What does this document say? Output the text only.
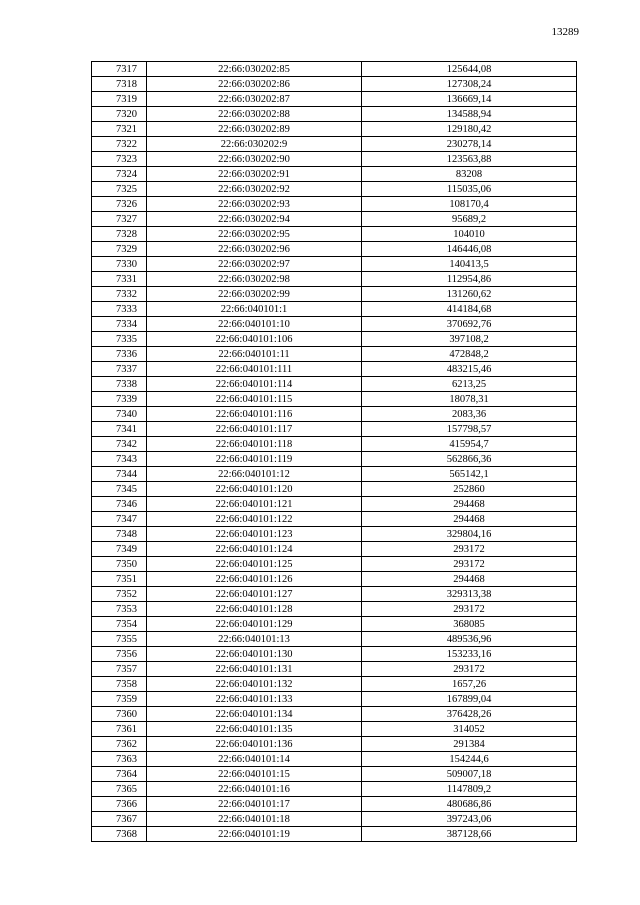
13289
7317	22:66:030202:85	125644,08
7318	22:66:030202:86	127308,24
7319	22:66:030202:87	136669,14
7320	22:66:030202:88	134588,94
7321	22:66:030202:89	129180,42
7322	22:66:030202:9	230278,14
7323	22:66:030202:90	123563,88
7324	22:66:030202:91	83208
7325	22:66:030202:92	115035,06
7326	22:66:030202:93	108170,4
7327	22:66:030202:94	95689,2
7328	22:66:030202:95	104010
7329	22:66:030202:96	146446,08
7330	22:66:030202:97	140413,5
7331	22:66:030202:98	112954,86
7332	22:66:030202:99	131260,62
7333	22:66:040101:1	414184,68
7334	22:66:040101:10	370692,76
7335	22:66:040101:106	397108,2
7336	22:66:040101:11	472848,2
7337	22:66:040101:111	483215,46
7338	22:66:040101:114	6213,25
7339	22:66:040101:115	18078,31
7340	22:66:040101:116	2083,36
7341	22:66:040101:117	157798,57
7342	22:66:040101:118	415954,7
7343	22:66:040101:119	562866,36
7344	22:66:040101:12	565142,1
7345	22:66:040101:120	252860
7346	22:66:040101:121	294468
7347	22:66:040101:122	294468
7348	22:66:040101:123	329804,16
7349	22:66:040101:124	293172
7350	22:66:040101:125	293172
7351	22:66:040101:126	294468
7352	22:66:040101:127	329313,38
7353	22:66:040101:128	293172
7354	22:66:040101:129	368085
7355	22:66:040101:13	489536,96
7356	22:66:040101:130	153233,16
7357	22:66:040101:131	293172
7358	22:66:040101:132	1657,26
7359	22:66:040101:133	167899,04
7360	22:66:040101:134	376428,26
7361	22:66:040101:135	314052
7362	22:66:040101:136	291384
7363	22:66:040101:14	154244,6
7364	22:66:040101:15	509007,18
7365	22:66:040101:16	1147809,2
7366	22:66:040101:17	480686,86
7367	22:66:040101:18	397243,06
7368	22:66:040101:19	387128,66
